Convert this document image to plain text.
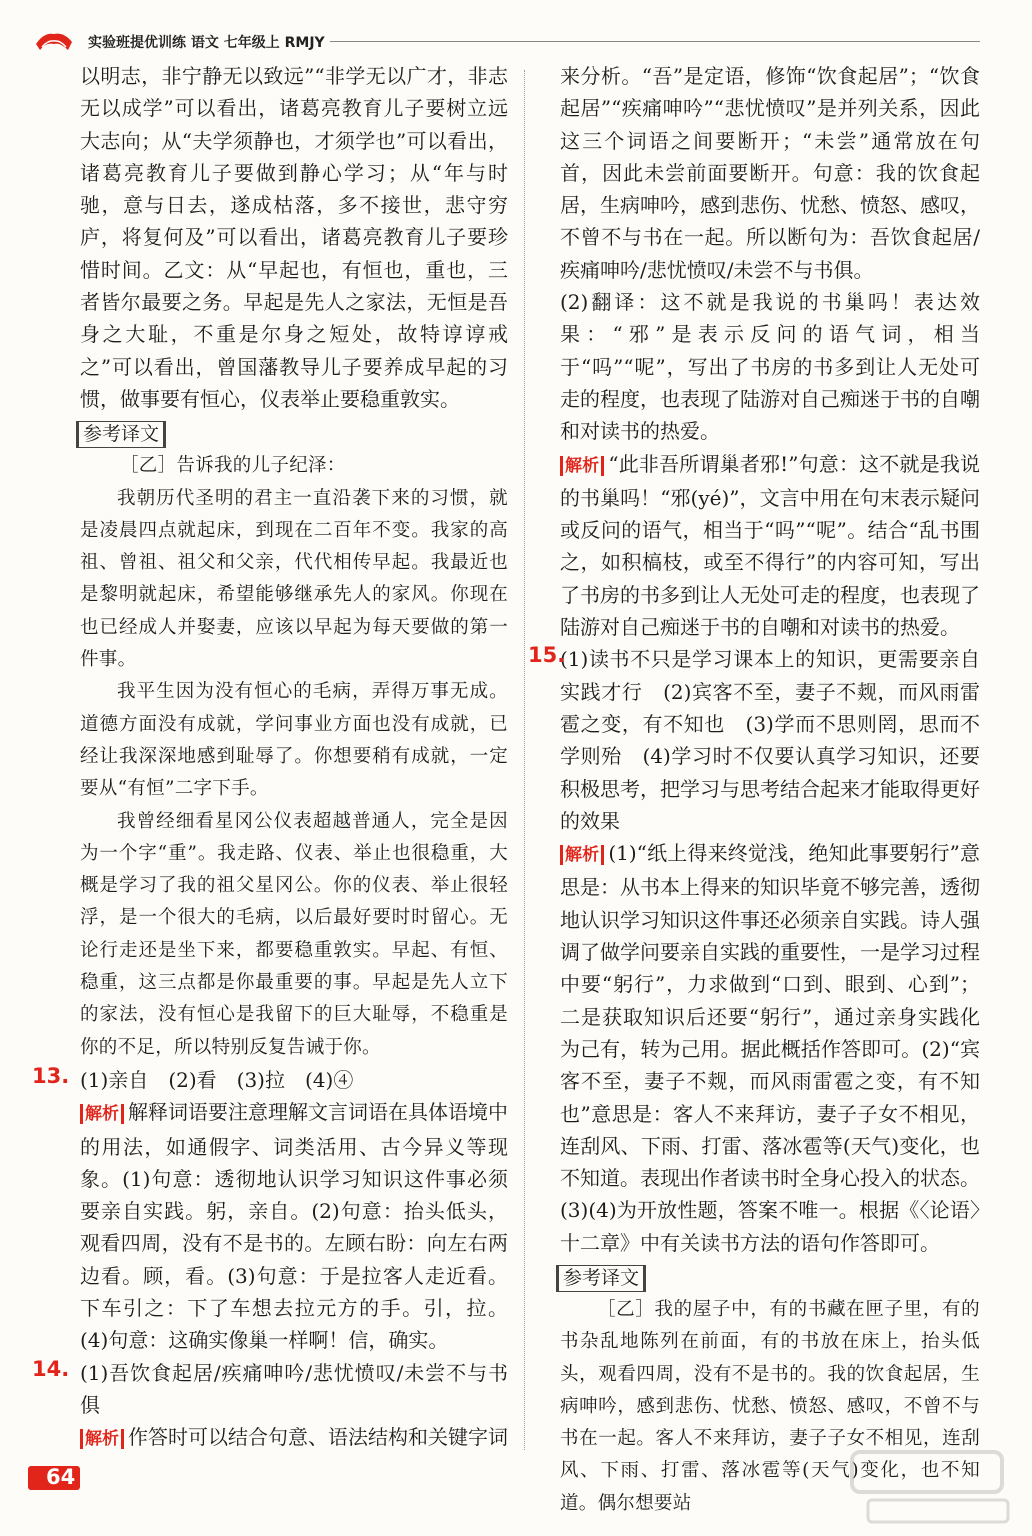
实验班提优训练 语文 七年级上 RMJY

以明志，非宁静无以致远”“非学无以广才，非志无以成学”可以看出，诸葛亮教育儿子要树立远大志向；从“夫学须静也，才须学也”可以看出，诸葛亮教育儿子要做到静心学习；从“年与时驰，意与日去，遂成枯落，多不接世，悲守穷庐，将复何及”可以看出，诸葛亮教育儿子要珍惜时间。乙文：从“早起也，有恒也，重也，三者皆尔最要之务。早起是先人之家法，无恒是吾身之大耻，不重是尔身之短处，故特谆谆戒之”可以看出，曾国藩教导儿子要养成早起的习惯，做事要有恒心，仪表举止要稳重敦实。

参考译文

［乙］告诉我的儿子纪泽：

我朝历代圣明的君主一直沿袭下来的习惯，就是凌晨四点就起床，到现在二百年不变。我家的高祖、曾祖、祖父和父亲，代代相传早起。我最近也是黎明就起床，希望能够继承先人的家风。你现在也已经成人并娶妻，应该以早起为每天要做的第一件事。

我平生因为没有恒心的毛病，弄得万事无成。道德方面没有成就，学问事业方面也没有成就，已经让我深深地感到耻辱了。你想要稍有成就，一定要从“有恒”二字下手。

我曾经细看星冈公仪表超越普通人，完全是因为一个字“重”。我走路、仪表、举止也很稳重，大概是学习了我的祖父星冈公。你的仪表、举止很轻浮，是一个很大的毛病，以后最好要时时留心。无论行走还是坐下来，都要稳重敦实。早起、有恒、稳重，这三点都是你最重要的事。早起是先人立下的家法，没有恒心是我留下的巨大耻辱，不稳重是你的不足，所以特别反复告诫于你。

13. (1)亲自　(2)看　(3)拉　(4)④

解析 解释词语要注意理解文言词语在具体语境中的用法，如通假字、词类活用、古今异义等现象。(1)句意：透彻地认识学习知识这件事必须要亲自实践。躬，亲自。(2)句意：抬头低头，观看四周，没有不是书的。左顾右盼：向左右两边看。顾，看。(3)句意：于是拉客人走近看。下车引之：下了车想去拉元方的手。引，拉。(4)句意：这确实像巢一样啊！信，确实。

14. (1)吾饮食起居/疾痛呻吟/悲忧愤叹/未尝不与书俱

解析 作答时可以结合句意、语法结构和关键字词

来分析。“吾”是定语，修饰“饮食起居”；“饮食起居”“疾痛呻吟”“悲忧愤叹”是并列关系，因此这三个词语之间要断开；“未尝”通常放在句首，因此未尝前面要断开。句意：我的饮食起居，生病呻吟，感到悲伤、忧愁、愤怒、感叹，不曾不与书在一起。所以断句为：吾饮食起居/疾痛呻吟/悲忧愤叹/未尝不与书俱。

(2)翻译：这不就是我说的书巢吗！表达效果：“邪”是表示反问的语气词，相当于“吗”“呢”，写出了书房的书多到让人无处可走的程度，也表现了陆游对自己痴迷于书的自嘲和对读书的热爱。

解析 “此非吾所谓巢者邪!”句意：这不就是我说的书巢吗！“邪(yé)”，文言中用在句末表示疑问或反问的语气，相当于“吗”“呢”。结合“乱书围之，如积槁枝，或至不得行”的内容可知，写出了书房的书多到让人无处可走的程度，也表现了陆游对自己痴迷于书的自嘲和对读书的热爱。

15.

(1)读书不只是学习课本上的知识，更需要亲自实践才行　(2)宾客不至，妻子不觌，而风雨雷雹之变，有不知也　(3)学而不思则罔，思而不学则殆　(4)学习时不仅要认真学习知识，还要积极思考，把学习与思考结合起来才能取得更好的效果

解析 (1)“纸上得来终觉浅，绝知此事要躬行”意思是：从书本上得来的知识毕竟不够完善，透彻地认识学习知识这件事还必须亲自实践。诗人强调了做学问要亲自实践的重要性，一是学习过程中要“躬行”，力求做到“口到、眼到、心到”；二是获取知识后还要“躬行”，通过亲身实践化为己有，转为己用。据此概括作答即可。(2)“宾客不至，妻子不觌，而风雨雷雹之变，有不知也”意思是：客人不来拜访，妻子子女不相见，连刮风、下雨、打雷、落冰雹等(天气)变化，也不知道。表现出作者读书时全身心投入的状态。(3)(4)为开放性题，答案不唯一。根据《〈论语〉十二章》中有关读书方法的语句作答即可。

参考译文

［乙］我的屋子中，有的书藏在匣子里，有的书杂乱地陈列在前面，有的书放在床上，抬头低头，观看四周，没有不是书的。我的饮食起居，生病呻吟，感到悲伤、忧愁、愤怒、感叹，不曾不与书在一起。客人不来拜访，妻子子女不相见，连刮风、下雨、打雷、落冰雹等(天气)变化，也不知道。偶尔想要站

64
